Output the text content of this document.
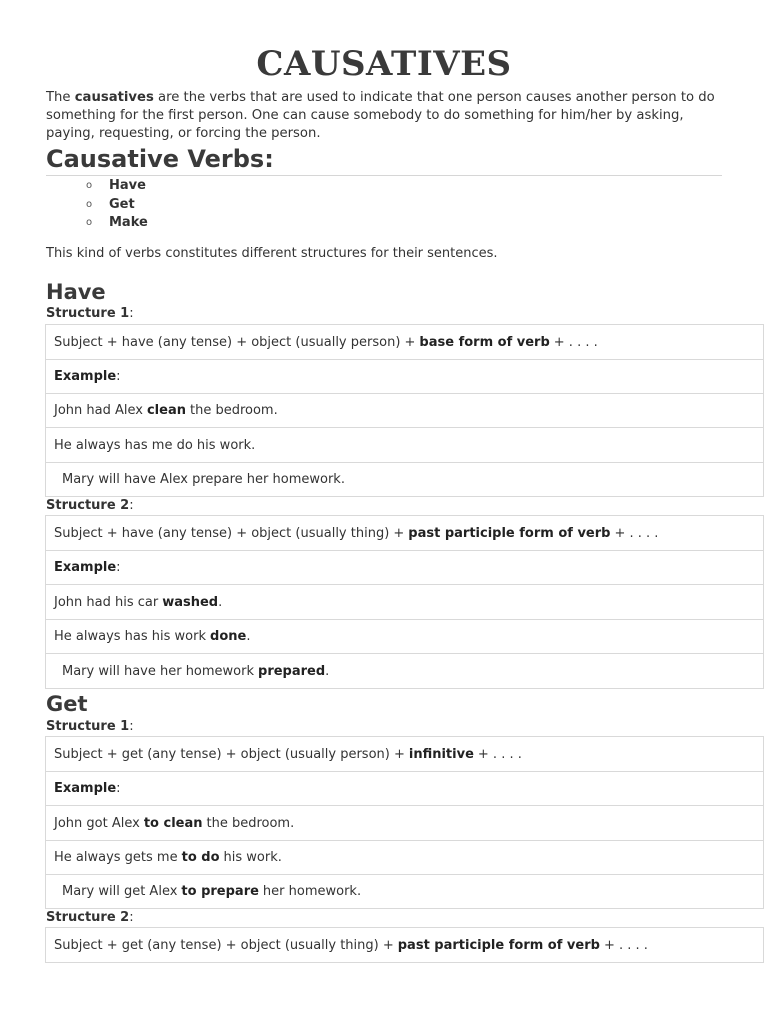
CAUSATIVES
The causatives are the verbs that are used to indicate that one person causes another person to do something for the first person. One can cause somebody to do something for him/her by asking, paying, requesting, or forcing the person.
Causative Verbs:
o Have
o Get
o Make
This kind of verbs constitutes different structures for their sentences.
Have
Structure 1:
Subject + have (any tense) + object (usually person) + base form of verb + . . . .
Example :
John had Alex clean the bedroom.
He always has me do his work.
Mary will have Alex prepare her homework.
Structure 2:
Subject + have (any tense) + object (usually thing) + past participle form of verb + . . . .
Example :
John had his car washed .
He always has his work done .
Mary will have her homework prepared .
Get
Structure 1:
Subject + get (any tense) + object (usually person) + infinitive + . . . .
Example :
John got Alex to clean the bedroom.
He always gets me to do his work.
Mary will get Alex to prepare her homework.
Structure 2:
Subject + get (any tense) + object (usually thing) + past participle form of verb + . . . .
